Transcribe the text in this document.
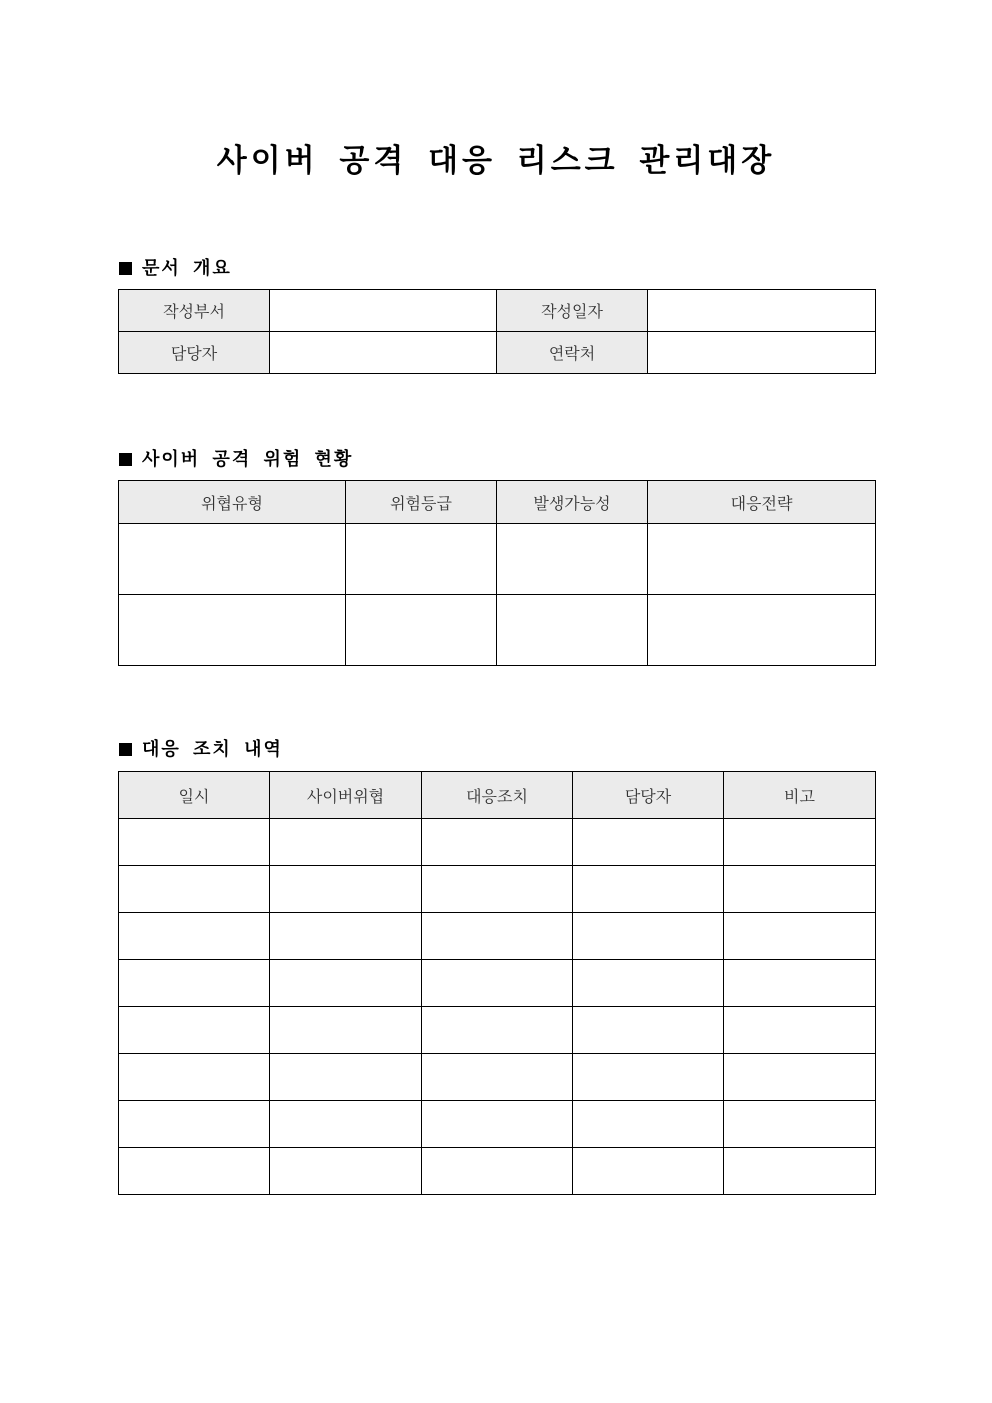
사이버 공격 대응 리스크 관리대장
문서 개요
작성부서		작성일자	
담당자		연락처	
사이버 공격 위험 현황
위협유형	위험등급	발생가능성	대응전략

대응 조치 내역
일시	사이버위협	대응조치	담당자	비고
